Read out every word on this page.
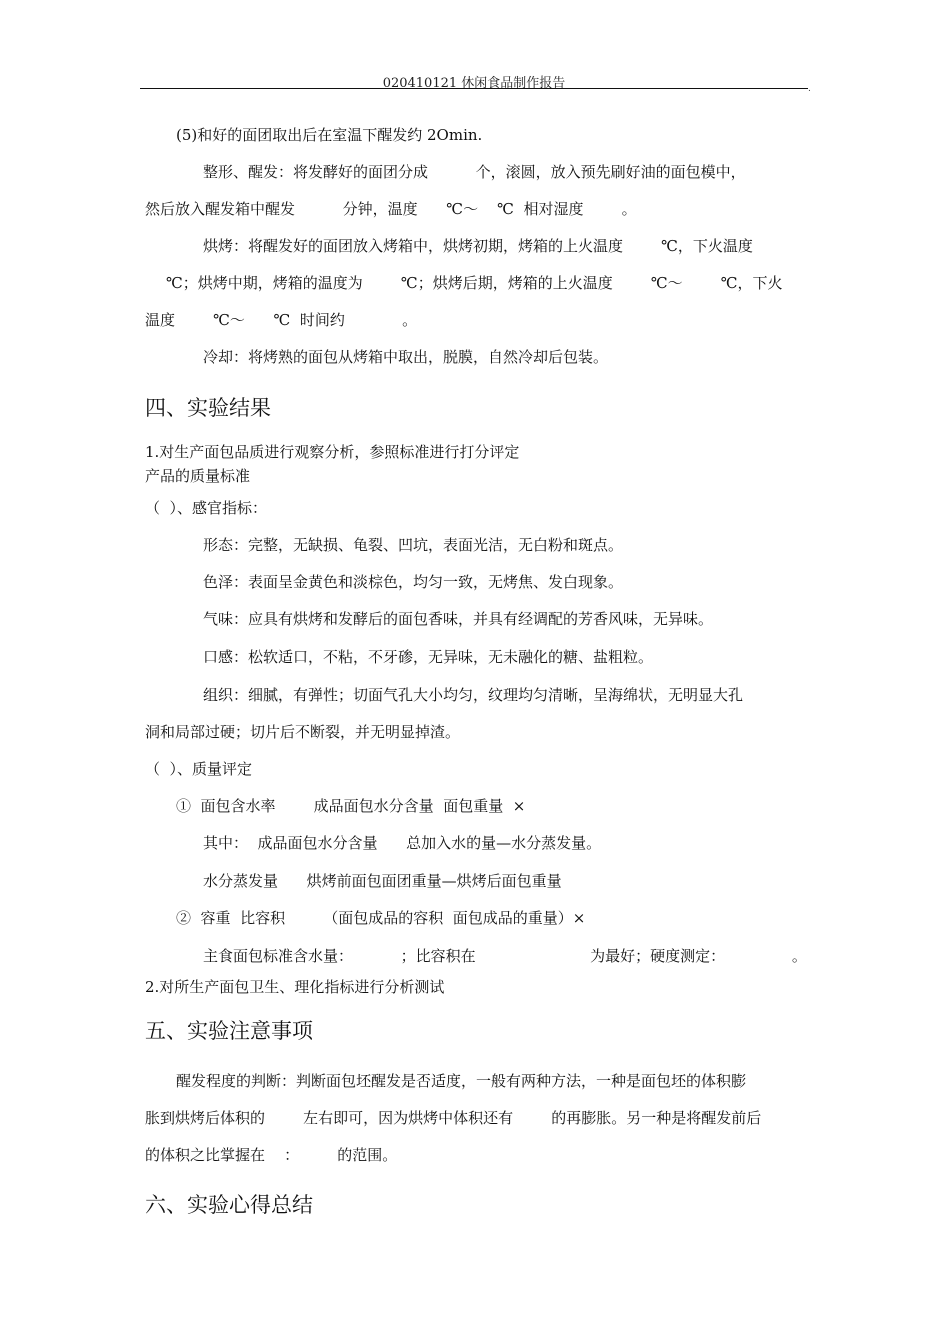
020410121 休闲食品制作报告	.
(5)和好的面团取出后在室温下醒发约 2Omin.
整形、醒发：将发酵好的面团分成          个，滚圆，放入预先刷好油的面包模中，
然后放入醒发箱中醒发          分钟，温度      ℃～    ℃  相对湿度        。
烘烤：将醒发好的面团放入烤箱中，烘烤初期，烤箱的上火温度        ℃，下火温度
℃；烘烤中期，烤箱的温度为        ℃；烘烤后期，烤箱的上火温度        ℃～        ℃，下火
温度        ℃～      ℃  时间约            。
冷却：将烤熟的面包从烤箱中取出，脱膜，自然冷却后包装。
四、实验结果
1.对生产面包品质进行观察分析，参照标准进行打分评定
产品的质量标准
（  ）、感官指标：
形态：完整，无缺损、龟裂、凹坑，表面光洁，无白粉和斑点。
色泽：表面呈金黄色和淡棕色，均匀一致，无烤焦、发白现象。
气味：应具有烘烤和发酵后的面包香味，并具有经调配的芳香风味，无异味。
口感：松软适口，不粘，不牙碜，无异味，无未融化的糖、盐粗粒。
组织：细腻，有弹性；切面气孔大小均匀，纹理均匀清晰，呈海绵状，无明显大孔
洞和局部过硬；切片后不断裂，并无明显掉渣。
（  ）、质量评定
①  面包含水率        成品面包水分含量  面包重量  ×
其中：  成品面包水分含量      总加入水的量—水分蒸发量。
水分蒸发量      烘烤前面包面团重量—烘烤后面包重量
②  容重  比容积        （面包成品的容积  面包成品的重量）×
主食面包标准含水量：          ；比容积在                        为最好；硬度测定：              。
2.对所生产面包卫生、理化指标进行分析测试
五、实验注意事项
醒发程度的判断：判断面包坯醒发是否适度，一般有两种方法，一种是面包坯的体积膨
胀到烘烤后体积的        左右即可，因为烘烤中体积还有        的再膨胀。另一种是将醒发前后
的体积之比掌握在    ：        的范围。
六、实验心得总结
